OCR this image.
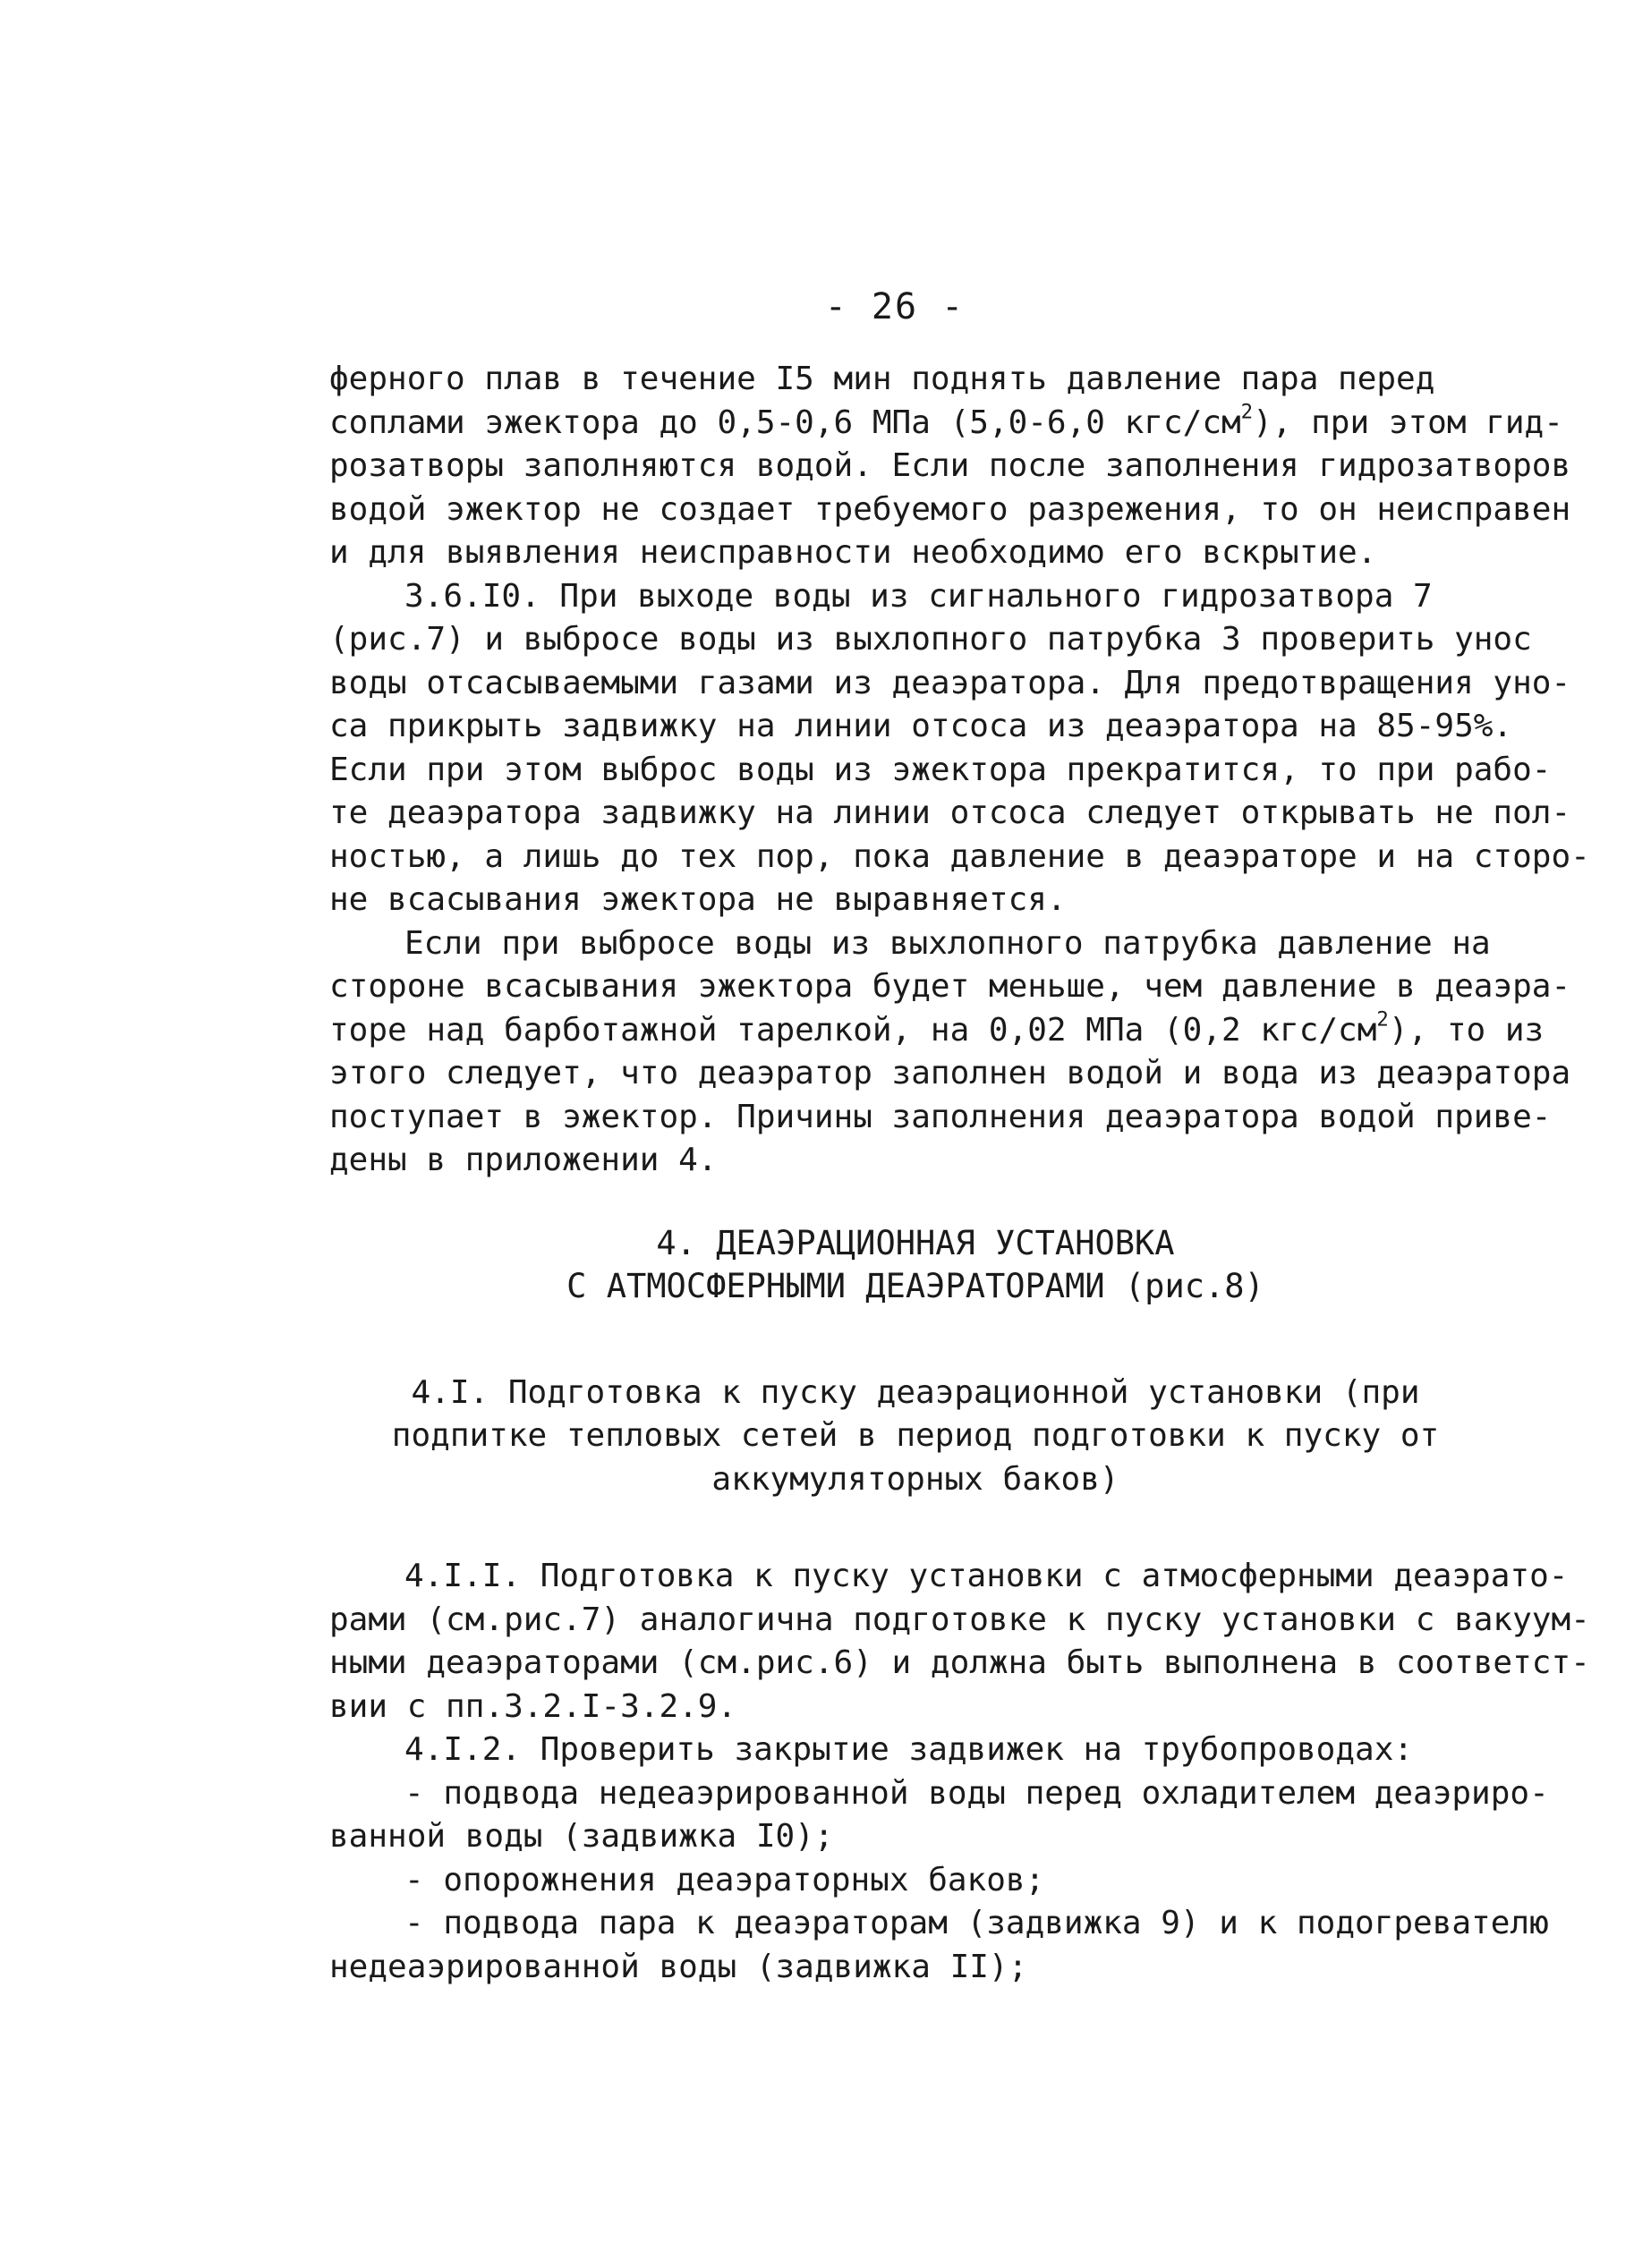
- 26 -
ферного плав в течение I5 мин поднять давление пара перед
соплами эжектора до 0,5-0,6 МПа (5,0-6,0 кгс/$см^2$), при этом гид-
розатворы заполняются водой. Если после заполнения гидрозатворов
водой эжектор не создает требуемого разрежения, то он неисправен
и для выявления неисправности необходимо его вскрытие.
3.6.I0. При выходе воды из сигнального гидрозатвора 7
(рис.7) и выбросе воды из выхлопного патрубка 3 проверить унос
воды отсасываемыми газами из деаэратора. Для предотвращения уно-
са прикрыть задвижку на линии отсоса из деаэратора на 85-95%.
Если при этом выброс воды из эжектора прекратится, то при рабо-
те деаэратора задвижку на линии отсоса следует открывать не пол-
ностью, а лишь до тех пор, пока давление в деаэраторе и на сторо-
не всасывания эжектора не выравняется.
Если при выбросе воды из выхлопного патрубка давление на
стороне всасывания эжектора будет меньше, чем давление в деаэра-
торе над барботажной тарелкой, на 0,02 МПа (0,2 кгс/$см^2$), то из
этого следует, что деаэратор заполнен водой и вода из деаэратора
поступает в эжектор. Причины заполнения деаэратора водой приве-
дены в приложении 4.
4. ДЕАЭРАЦИОННАЯ УСТАНОВКА
С АТМОСФЕРНЫМИ ДЕАЭРАТОРАМИ (рис.8)
4.I. Подготовка к пуску деаэрационной установки (при
подпитке тепловых сетей в период подготовки к пуску от
аккумуляторных баков)
4.I.I. Подготовка к пуску установки с атмосферными деаэрато-
рами (см.рис.7) аналогична подготовке к пуску установки с вакуум-
ными деаэраторами (см.рис.6) и должна быть выполнена в соответст-
вии с пп.3.2.I-3.2.9.
4.I.2. Проверить закрытие задвижек на трубопроводах:
- подвода недеаэрированной воды перед охладителем деаэриро-
ванной воды (задвижка I0);
- опорожнения деаэраторных баков;
- подвода пара к деаэраторам (задвижка 9) и к подогревателю
недеаэрированной воды (задвижка II);
